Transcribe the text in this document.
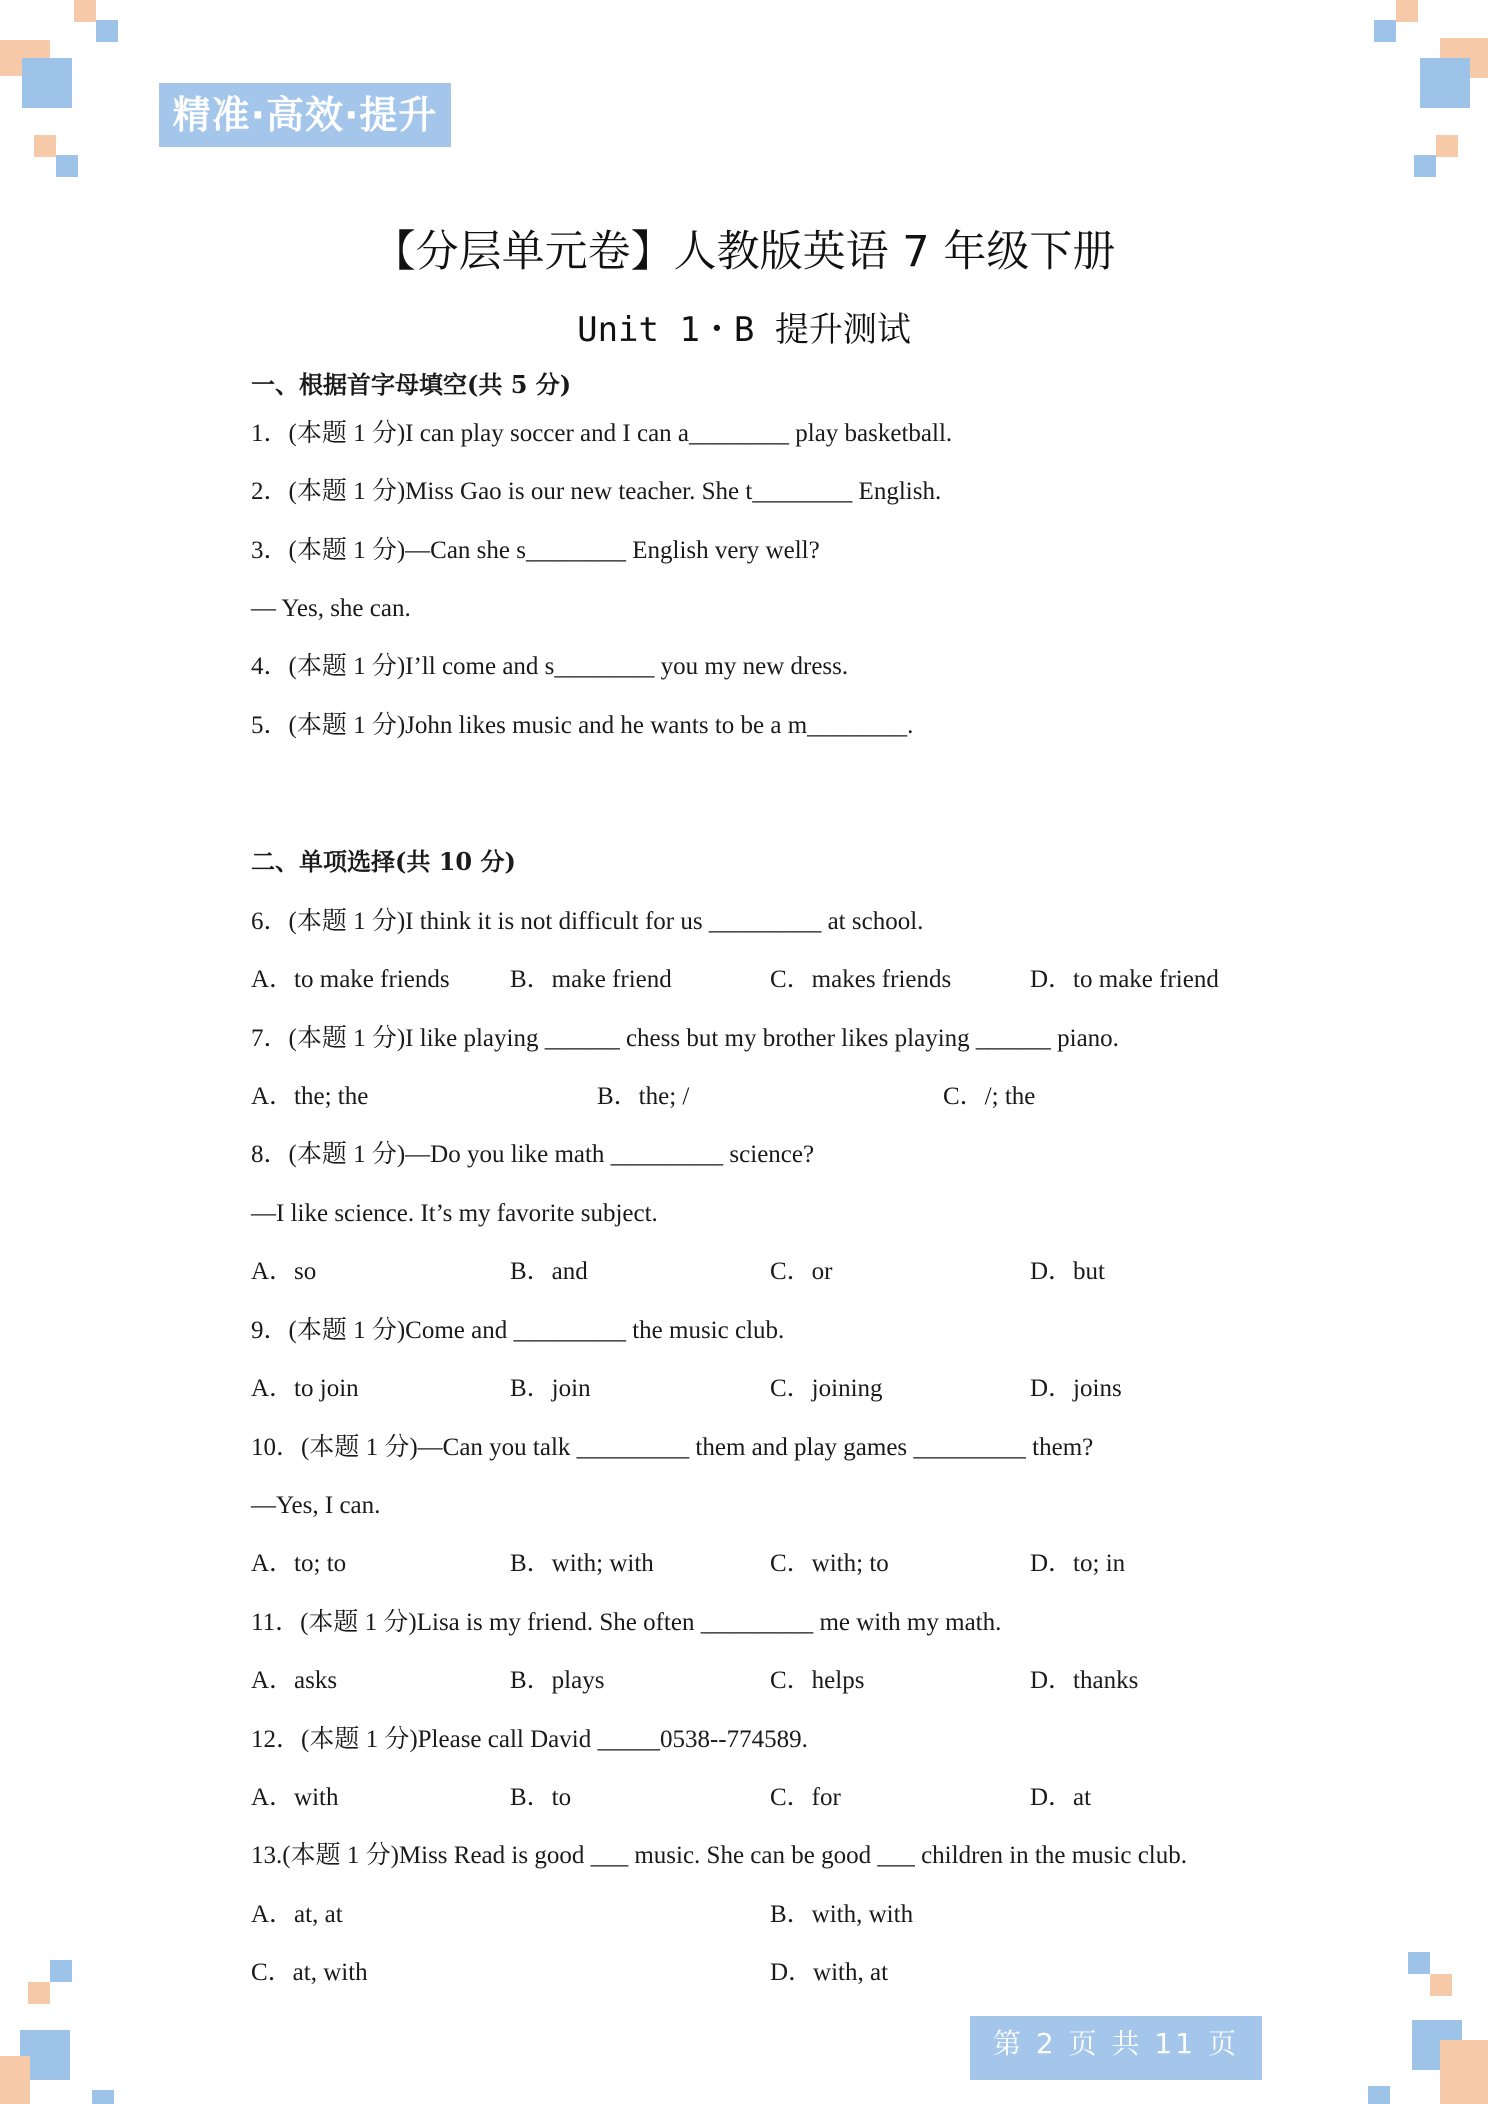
精准·高效·提升
【分层单元卷】人教版英语 7 年级下册
Unit 1・B 提升测试
一、根据首字母填空(共 5 分)
1．(本题 1 分)I can play soccer and I can a________ play basketball.
2．(本题 1 分)Miss Gao is our new teacher. She t________ English.
3．(本题 1 分)—Can she s________ English very well?
— Yes, she can.
4．(本题 1 分)I’ll come and s________ you my new dress.
5．(本题 1 分)John likes music and he wants to be a m________.
二、单项选择(共 10 分)
6．(本题 1 分)I think it is not difficult for us _________ at school.
A．to make friends B．make friend	C．makes friends	D．to make friend
7．(本题 1 分)I like playing ______ chess but my brother likes playing ______ piano.
A．the; the	B．the; /	C．/; the
8．(本题 1 分)—Do you like math _________ science?
—I like science. It’s my favorite subject.
A．so	B．and	C．or	D．but
9．(本题 1 分)Come and _________ the music club.
A．to join	B．join	C．joining	D．joins
10．(本题 1 分)—Can you talk _________ them and play games _________ them?
—Yes, I can.
A．to; to	B．with; with	C．with; to	D．to; in
11．(本题 1 分)Lisa is my friend. She often _________ me with my math.
A．asks	B．plays	C．helps	D．thanks
12．(本题 1 分)Please call David _____0538--774589.
A．with	B．to	C．for	D．at
13.(本题 1 分)Miss Read is good ___ music. She can be good ___ children in the music club.
A．at, at	B．with, with
C．at, with	D．with, at
第 2 页 共 11 页
